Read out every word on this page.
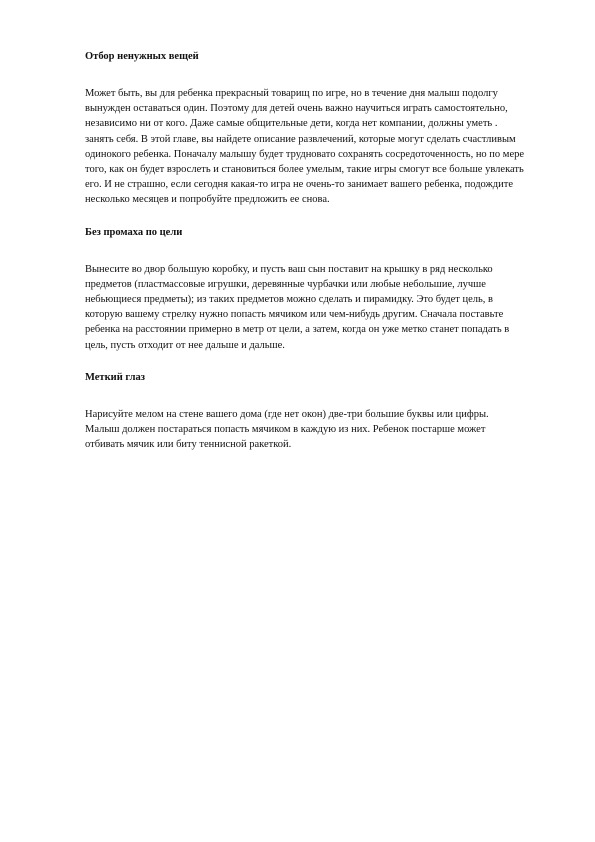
Отбор ненужных вещей
Может быть, вы для ребенка прекрасный товарищ по игре, но в течение дня малыш подолгу вынужден оставаться один. Поэтому для детей очень важно научиться играть самостоятельно, независимо ни от кого. Даже самые общительные дети, когда нет компании, должны уметь . занять себя. В этой главе, вы найдете описание развлечений, которые могут сделать счастливым одинокого ребенка. Поначалу малышу будет трудновато сохранять сосредоточенность, но по мере того, как он будет взрослеть и становиться более умелым, такие игры смогут все больше увлекать его. И не страшно, если сегодня какая-то игра не очень-то занимает вашего ребенка, подождите несколько месяцев и попробуйте предложить ее снова.
Без промаха по цели
Вынесите во двор большую коробку, и пусть ваш сын поставит на крышку в ряд несколько предметов (пластмассовые игрушки, деревянные чурбачки или любые небольшие, лучше небьющиеся предметы); из таких предметов можно сделать и пирамидку. Это будет цель, в которую вашему стрелку нужно попасть мячиком или чем-нибудь другим. Сначала поставьте ребенка на расстоянии примерно в метр от цели, а затем, когда он уже метко станет попадать в цель, пусть отходит от нее дальше и дальше.
Меткий глаз
Нарисуйте мелом на стене вашего дома (где нет окон) две-три большие буквы или цифры. Малыш должен постараться попасть мячиком в каждую из них. Ребенок постарше может отбивать мячик или биту теннисной ракеткой.
